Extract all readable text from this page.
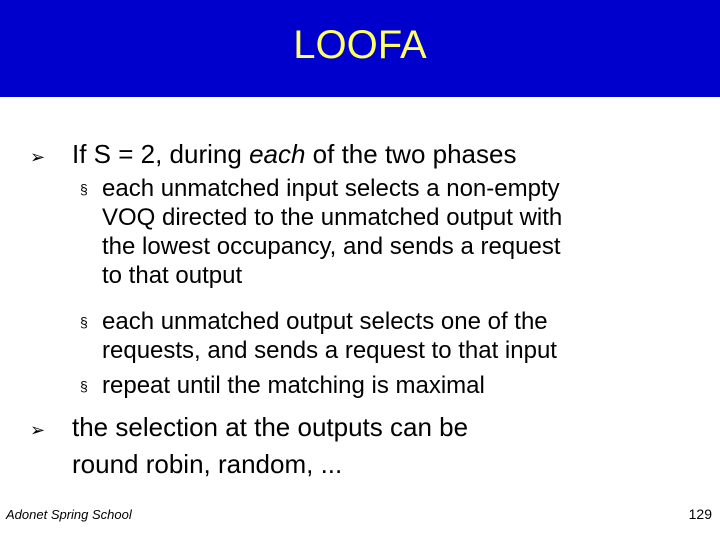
LOOFA
➢ If S = 2, during each of the two phases
§ each unmatched input selects a non-empty
VOQ directed to the unmatched output with
the lowest occupancy, and sends a request
to that output
§ each unmatched output selects one of the
requests, and sends a request to that input
§ repeat until the matching is maximal
➢ the selection at the outputs can be
round robin, random, ...
Adonet Spring School	129
